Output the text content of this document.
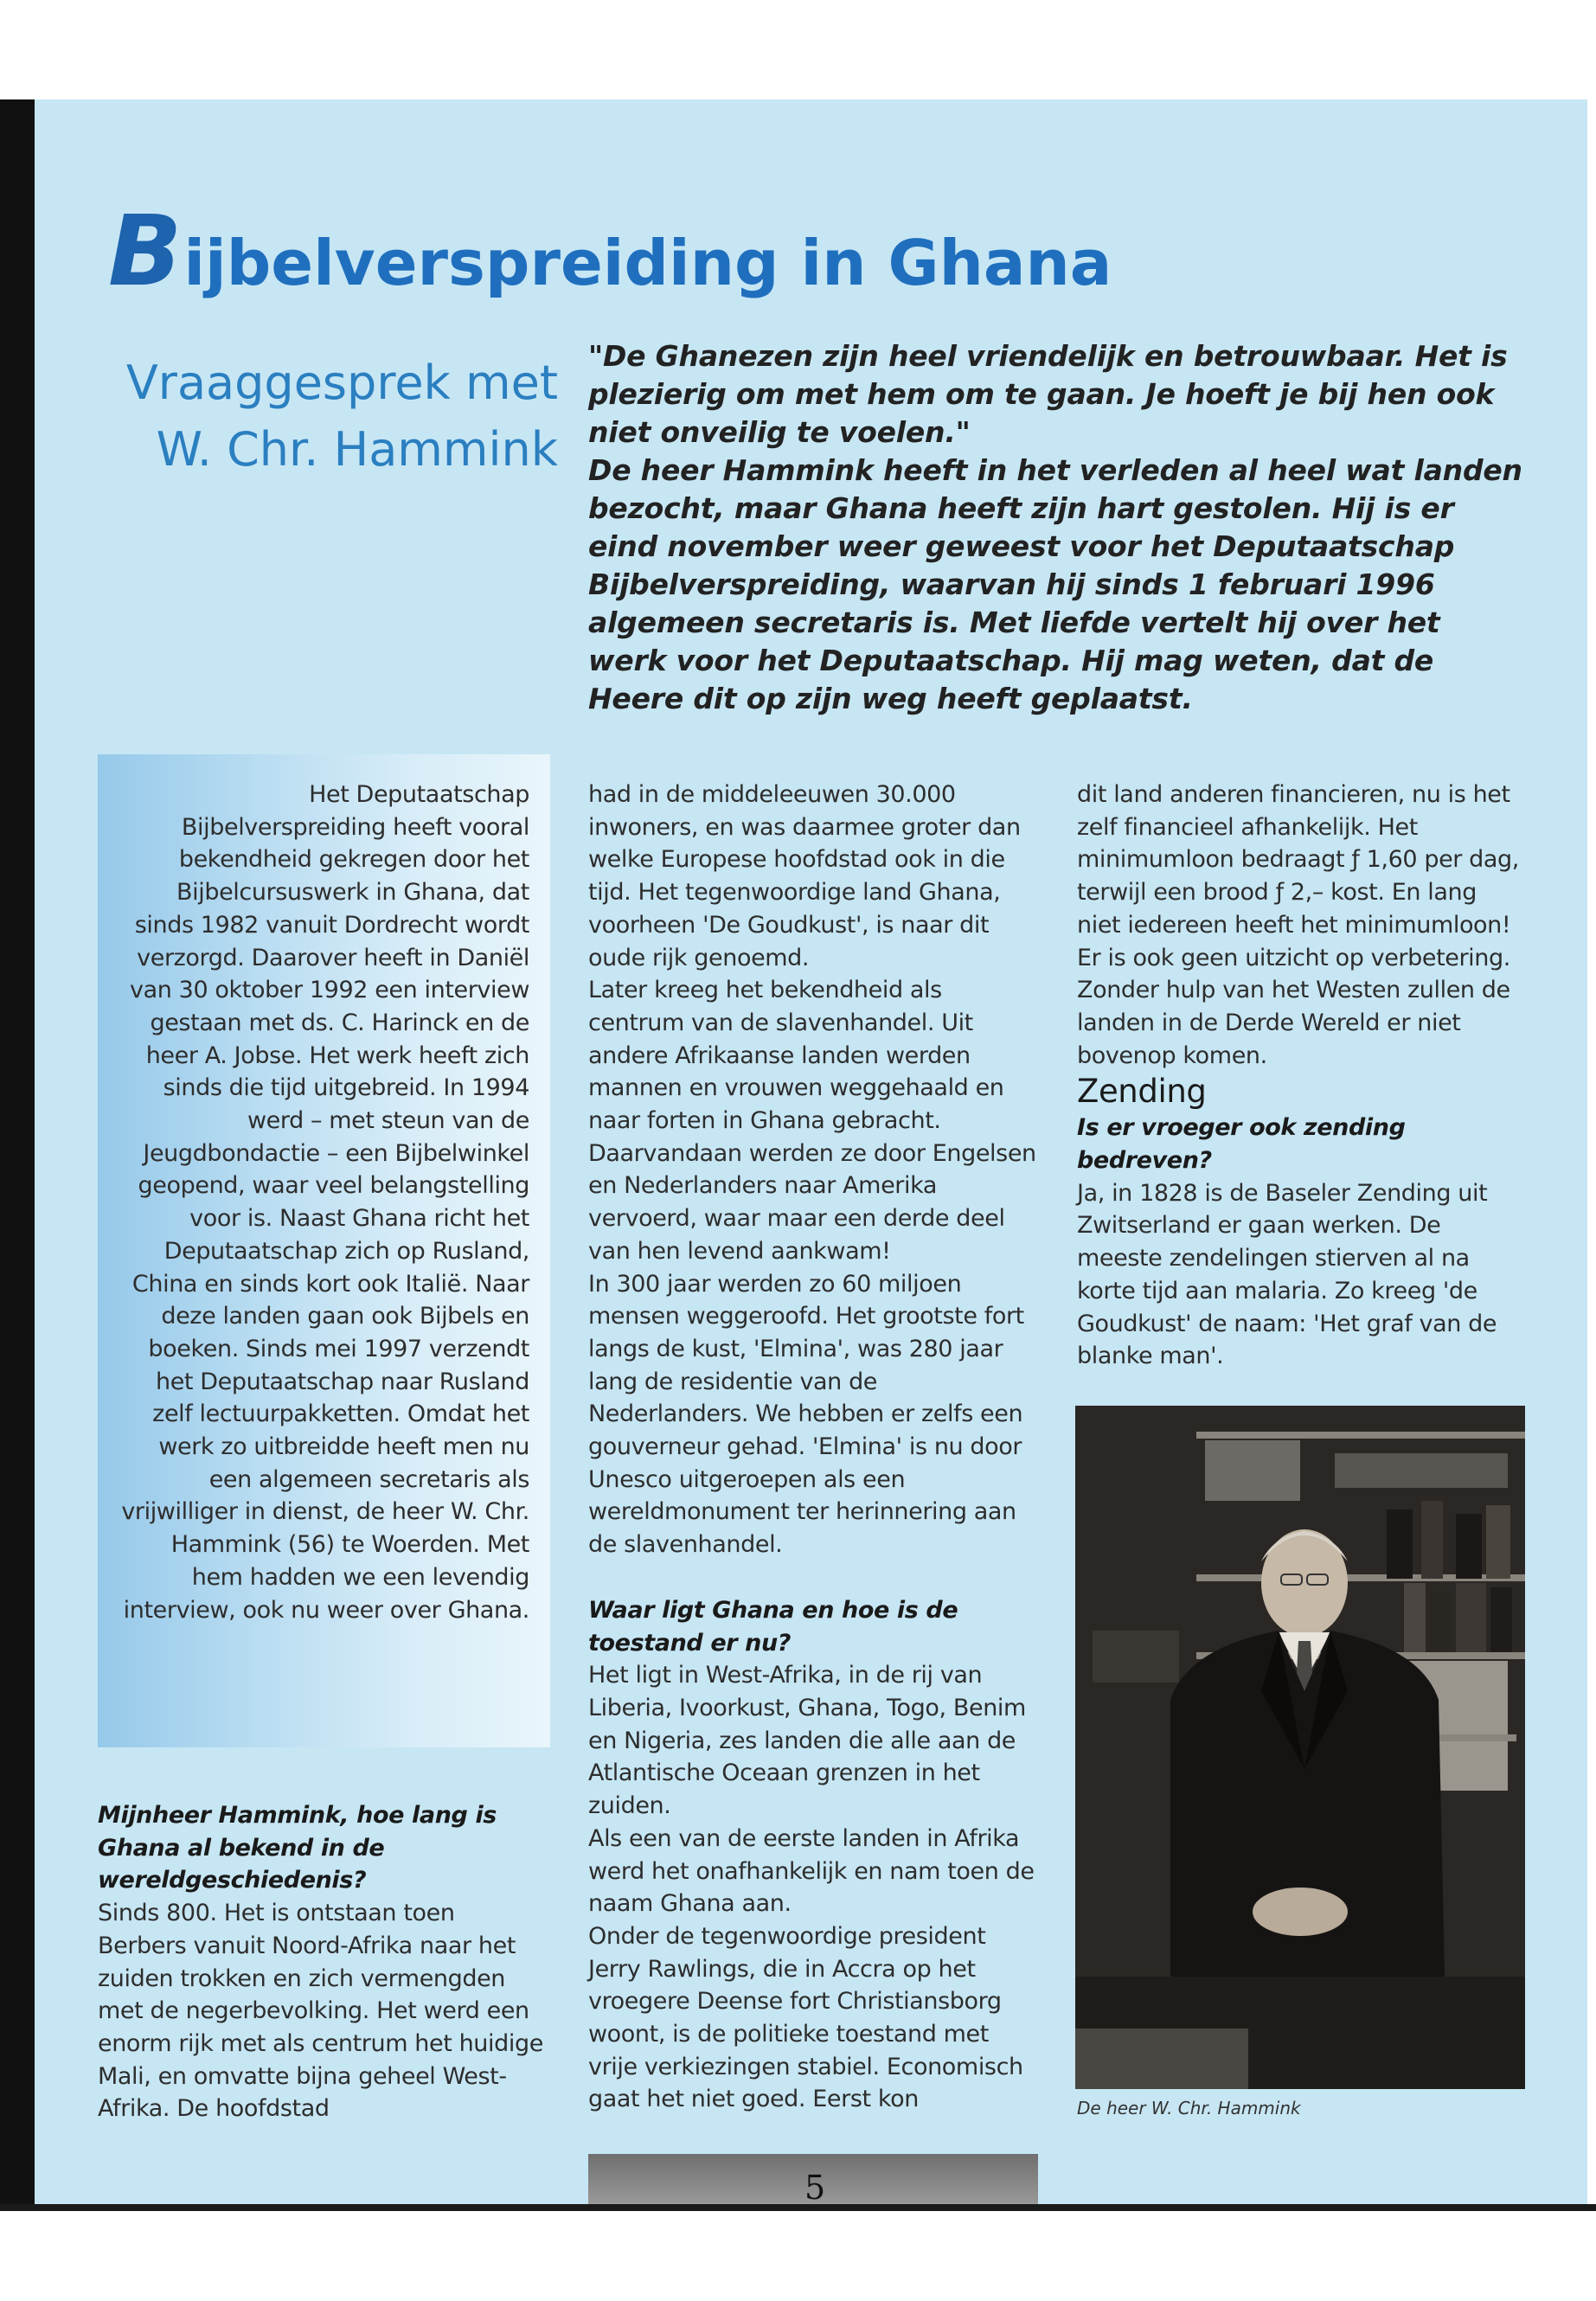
Bijbelverspreiding in Ghana
Vraaggesprek met
W. Chr. Hammink

"De Ghanezen zijn heel vriendelijk en betrouwbaar. Het is plezierig om met hem om te gaan. Je hoeft je bij hen ook niet onveilig te voelen."

De heer Hammink heeft in het verleden al heel wat landen bezocht, maar Ghana heeft zijn hart gestolen. Hij is er eind november weer geweest voor het Deputaatschap Bijbelverspreiding, waarvan hij sinds 1 februari 1996 algemeen secretaris is. Met liefde vertelt hij over het werk voor het Deputaatschap. Hij mag weten, dat de Heere dit op zijn weg heeft geplaatst.

Het Deputaatschap Bijbelverspreiding heeft vooral bekendheid gekregen door het Bijbelcursuswerk in Ghana, dat sinds 1982 vanuit Dordrecht wordt verzorgd. Daarover heeft in Daniël van 30 oktober 1992 een interview gestaan met ds. C. Harinck en de heer A. Jobse. Het werk heeft zich sinds die tijd uitgebreid. In 1994 werd – met steun van de Jeugdbondactie – een Bijbelwinkel geopend, waar veel belangstelling voor is. Naast Ghana richt het Deputaatschap zich op Rusland, China en sinds kort ook Italië. Naar deze landen gaan ook Bijbels en boeken. Sinds mei 1997 verzendt het Deputaatschap naar Rusland zelf lectuurpakketten. Omdat het werk zo uitbreidde heeft men nu een algemeen secretaris als vrijwilliger in dienst, de heer W. Chr. Hammink (56) te Woerden. Met hem hadden we een levendig interview, ook nu weer over Ghana.

Mijnheer Hammink, hoe lang is Ghana al bekend in de wereldgeschiedenis?

Sinds 800. Het is ontstaan toen Berbers vanuit Noord-Afrika naar het zuiden trokken en zich vermengden met de negerbevolking. Het werd een enorm rijk met als centrum het huidige Mali, en omvatte bijna geheel West-Afrika. De hoofdstad

had in de middeleeuwen 30.000 inwoners, en was daarmee groter dan welke Europese hoofdstad ook in die tijd. Het tegenwoordige land Ghana, voorheen 'De Goudkust', is naar dit oude rijk genoemd.

Later kreeg het bekendheid als centrum van de slavenhandel. Uit andere Afrikaanse landen werden mannen en vrouwen weggehaald en naar forten in Ghana gebracht. Daarvandaan werden ze door Engelsen en Nederlanders naar Amerika vervoerd, waar maar een derde deel van hen levend aankwam!

In 300 jaar werden zo 60 miljoen mensen weggeroofd. Het grootste fort langs de kust, 'Elmina', was 280 jaar lang de residentie van de Nederlanders. We hebben er zelfs een gouverneur gehad. 'Elmina' is nu door Unesco uitgeroepen als een wereldmonument ter herinnering aan de slavenhandel.

Waar ligt Ghana en hoe is de toestand er nu?

Het ligt in West-Afrika, in de rij van Liberia, Ivoorkust, Ghana, Togo, Benim en Nigeria, zes landen die alle aan de Atlantische Oceaan grenzen in het zuiden.

Als een van de eerste landen in Afrika werd het onafhankelijk en nam toen de naam Ghana aan.

Onder de tegenwoordige president Jerry Rawlings, die in Accra op het vroegere Deense fort Christiansborg woont, is de politieke toestand met vrije verkiezingen stabiel. Economisch gaat het niet goed. Eerst kon

dit land anderen financieren, nu is het zelf financieel afhankelijk. Het minimumloon bedraagt ƒ 1,60 per dag, terwijl een brood ƒ 2,– kost. En lang niet iedereen heeft het minimumloon! Er is ook geen uitzicht op verbetering. Zonder hulp van het Westen zullen de landen in de Derde Wereld er niet bovenop komen.

Zending

Is er vroeger ook zending bedreven?

Ja, in 1828 is de Baseler Zending uit Zwitserland er gaan werken. De meeste zendelingen stierven al na korte tijd aan malaria. Zo kreeg 'de Goudkust' de naam: 'Het graf van de blanke man'.

De heer W. Chr. Hammink
5
